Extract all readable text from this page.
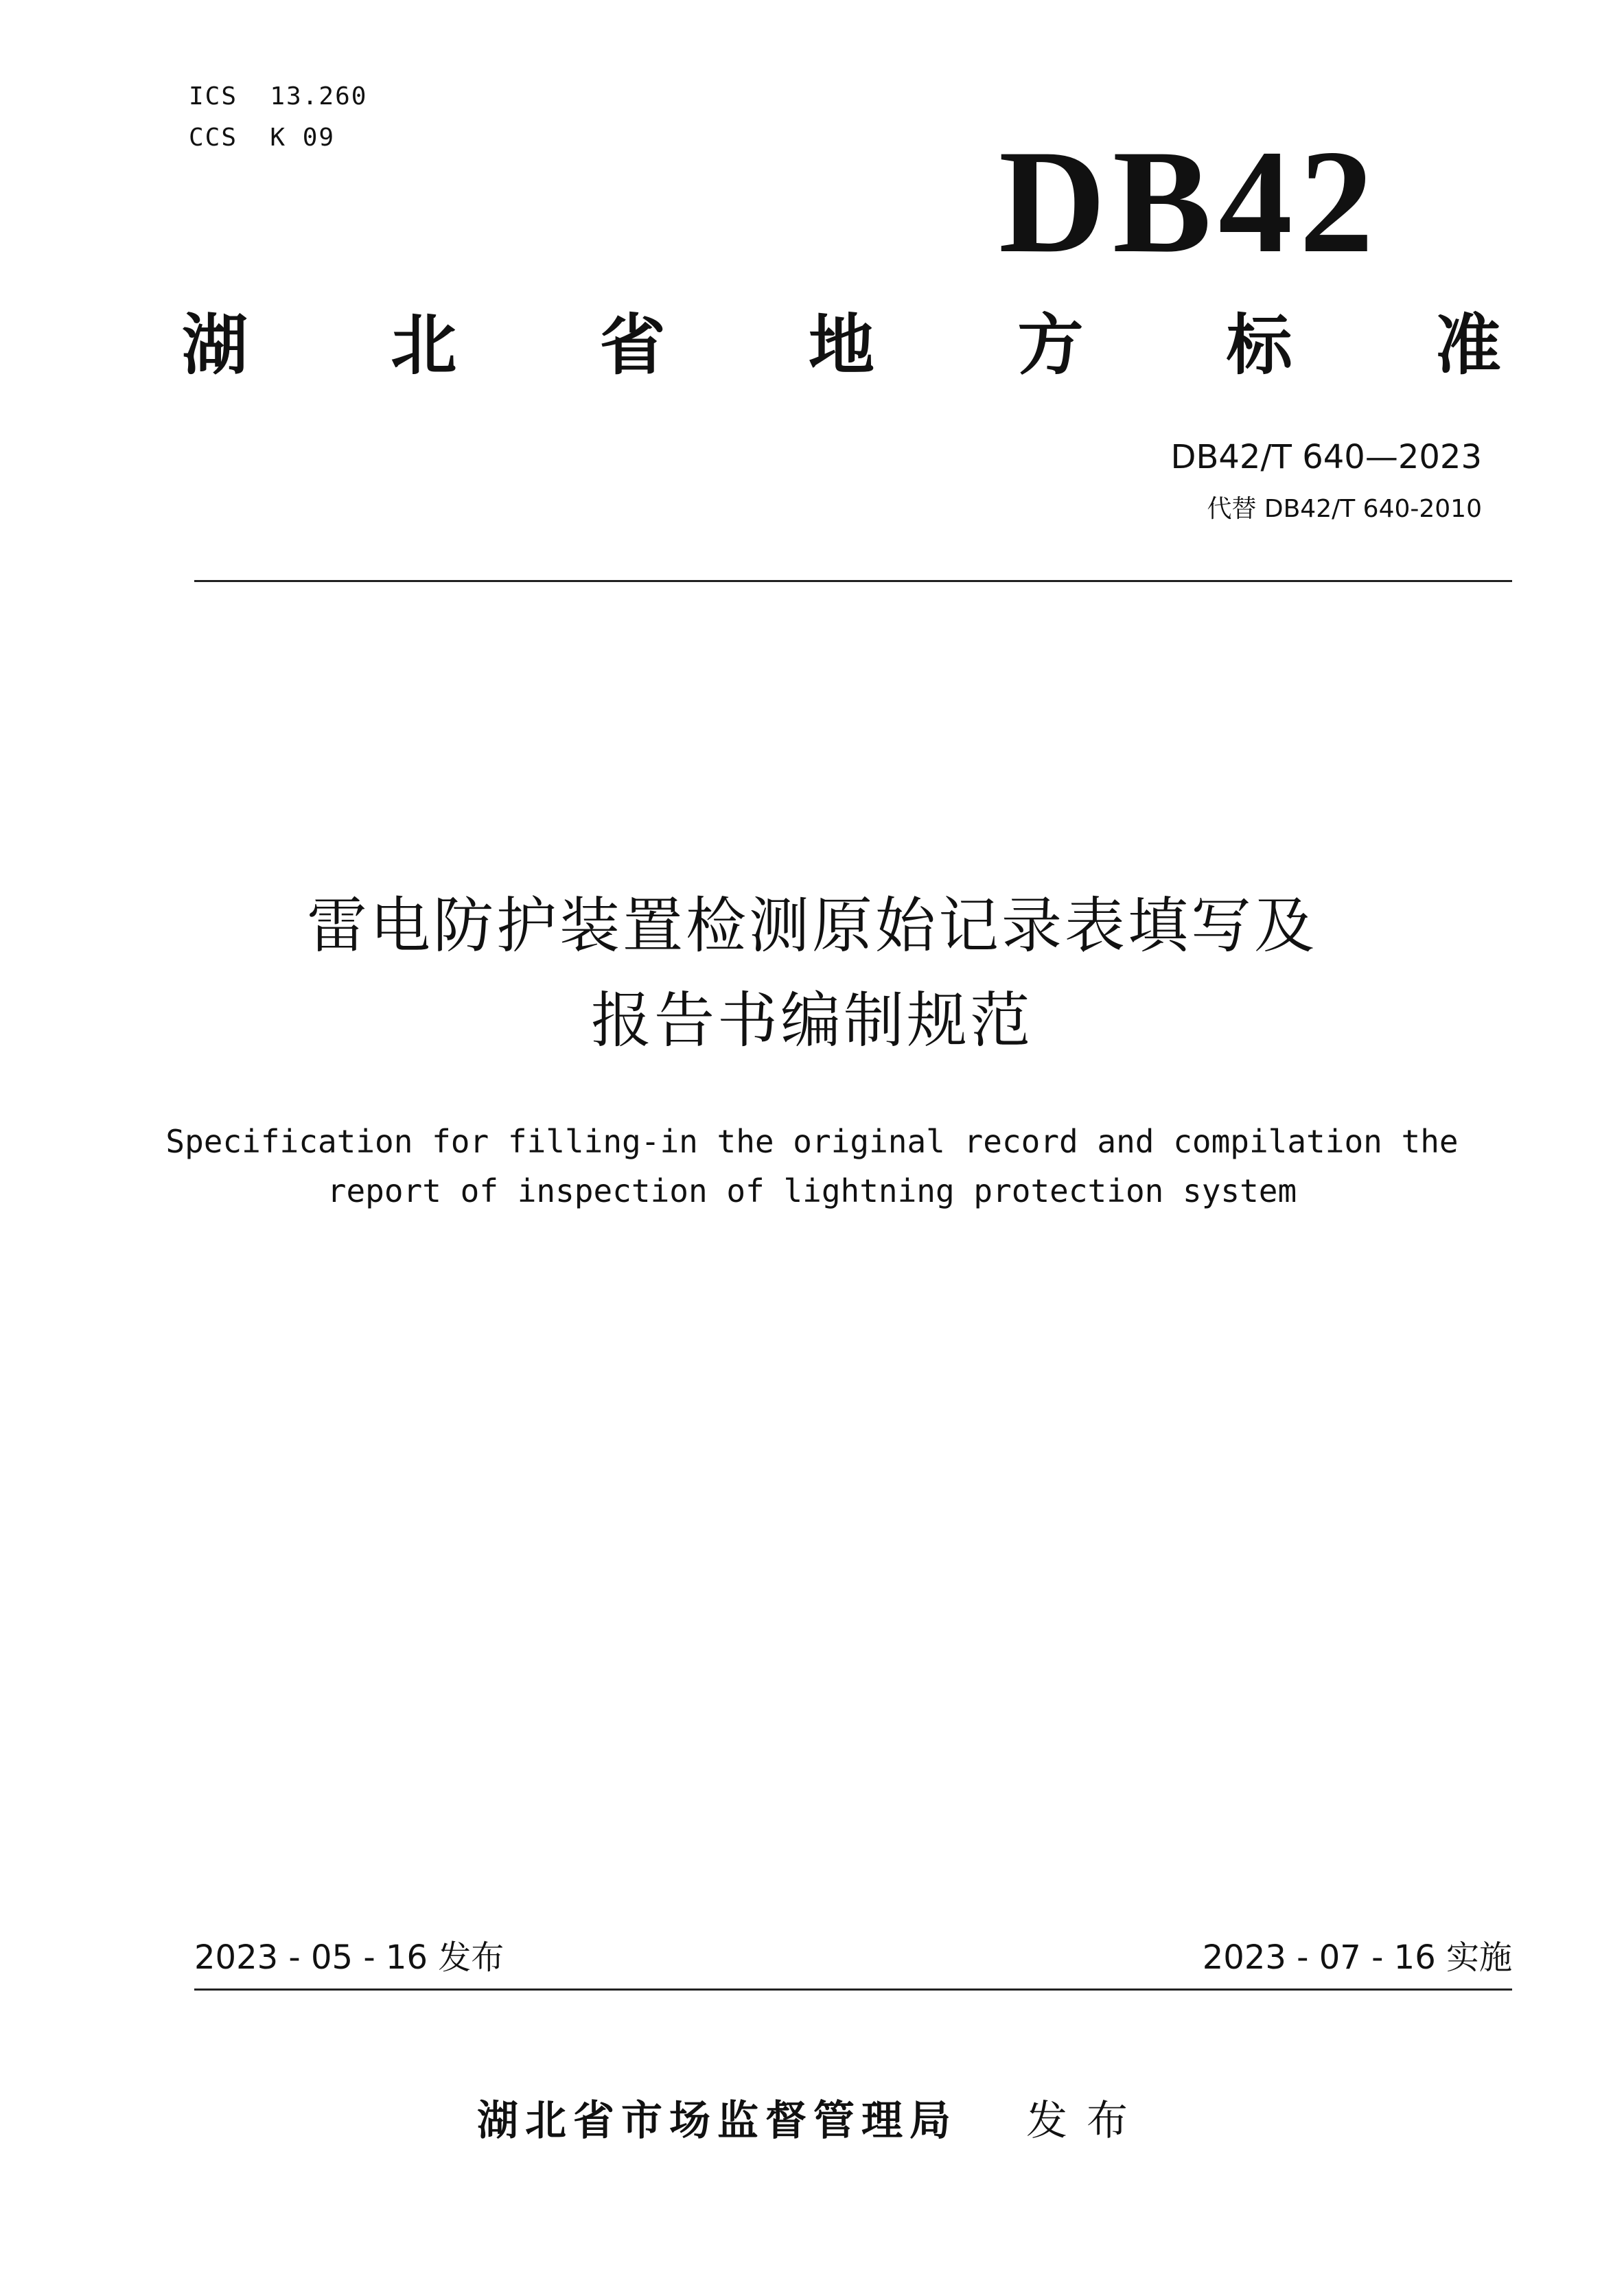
ICS  13.260
CCS  K 09	DB42
湖 北 省 地 方 标 准
DB42/T 640—2023
代替 DB42/T 640-2010
雷电防护装置检测原始记录表填写及
报告书编制规范
Specification for filling-in the original record and compilation the
report of inspection of lightning protection system
2023 - 05 - 16 发布	2023 - 07 - 16 实施
湖北省市场监督管理局 发布
